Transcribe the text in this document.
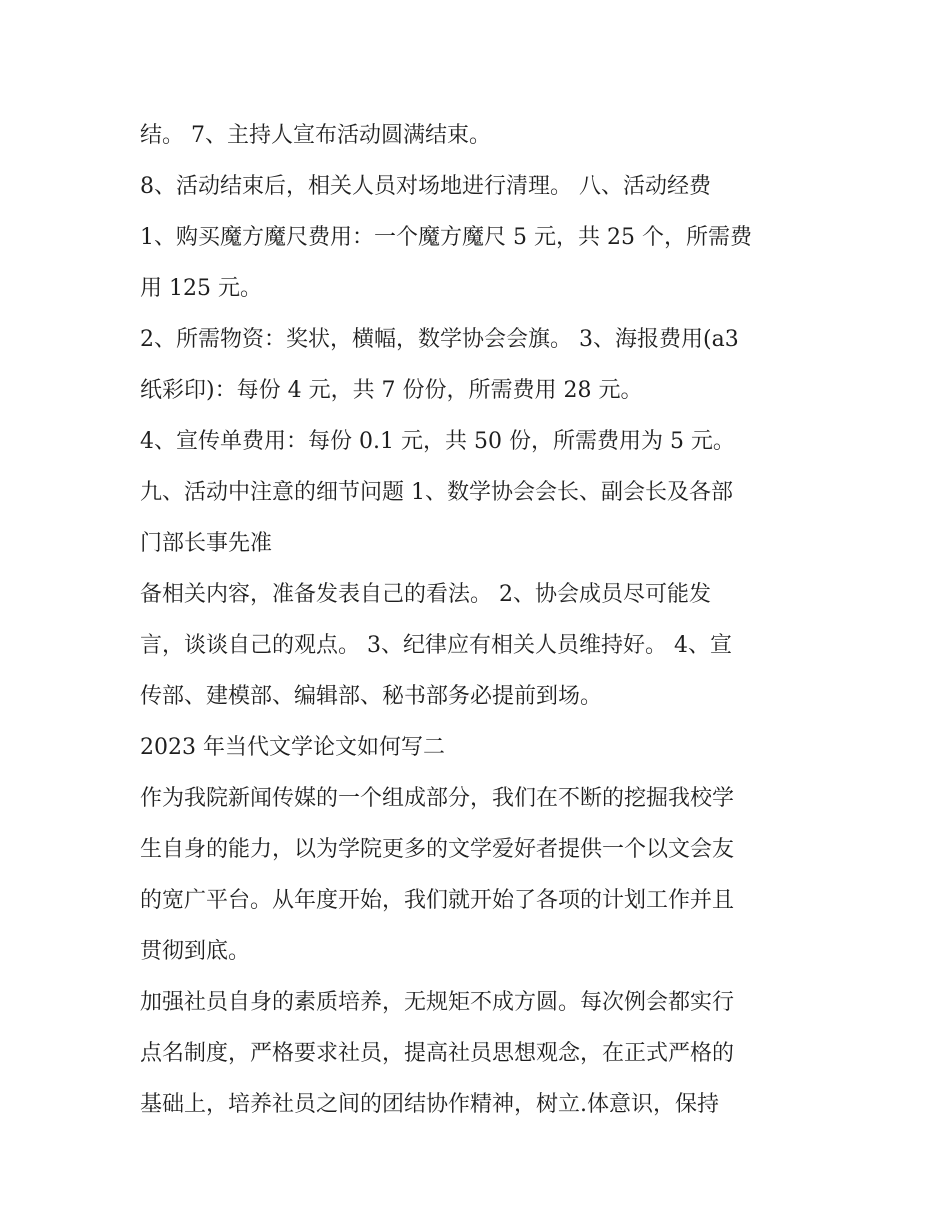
结。 7、主持人宣布活动圆满结束。

8、活动结束后，相关人员对场地进行清理。 八、活动经费

1、购买魔方魔尺费用：一个魔方魔尺 5 元，共 25 个，所需费

用 125 元。

2、所需物资：奖状，横幅，数学协会会旗。 3、海报费用(a3

纸彩印)：每份 4 元，共 7 份份，所需费用 28 元。

4、宣传单费用：每份 0.1 元，共 50 份，所需费用为 5 元。

九、活动中注意的细节问题 1、数学协会会长、副会长及各部

门部长事先准

备相关内容，准备发表自己的看法。 2、协会成员尽可能发

言，谈谈自己的观点。 3、纪律应有相关人员维持好。 4、宣

传部、建模部、编辑部、秘书部务必提前到场。

2023 年当代文学论文如何写二

作为我院新闻传媒的一个组成部分，我们在不断的挖掘我校学

生自身的能力，以为学院更多的文学爱好者提供一个以文会友

的宽广平台。从年度开始，我们就开始了各项的计划工作并且

贯彻到底。

加强社员自身的素质培养，无规矩不成方圆。每次例会都实行

点名制度，严格要求社员，提高社员思想观念，在正式严格的

基础上，培养社员之间的团结协作精神，树立.体意识，保持
